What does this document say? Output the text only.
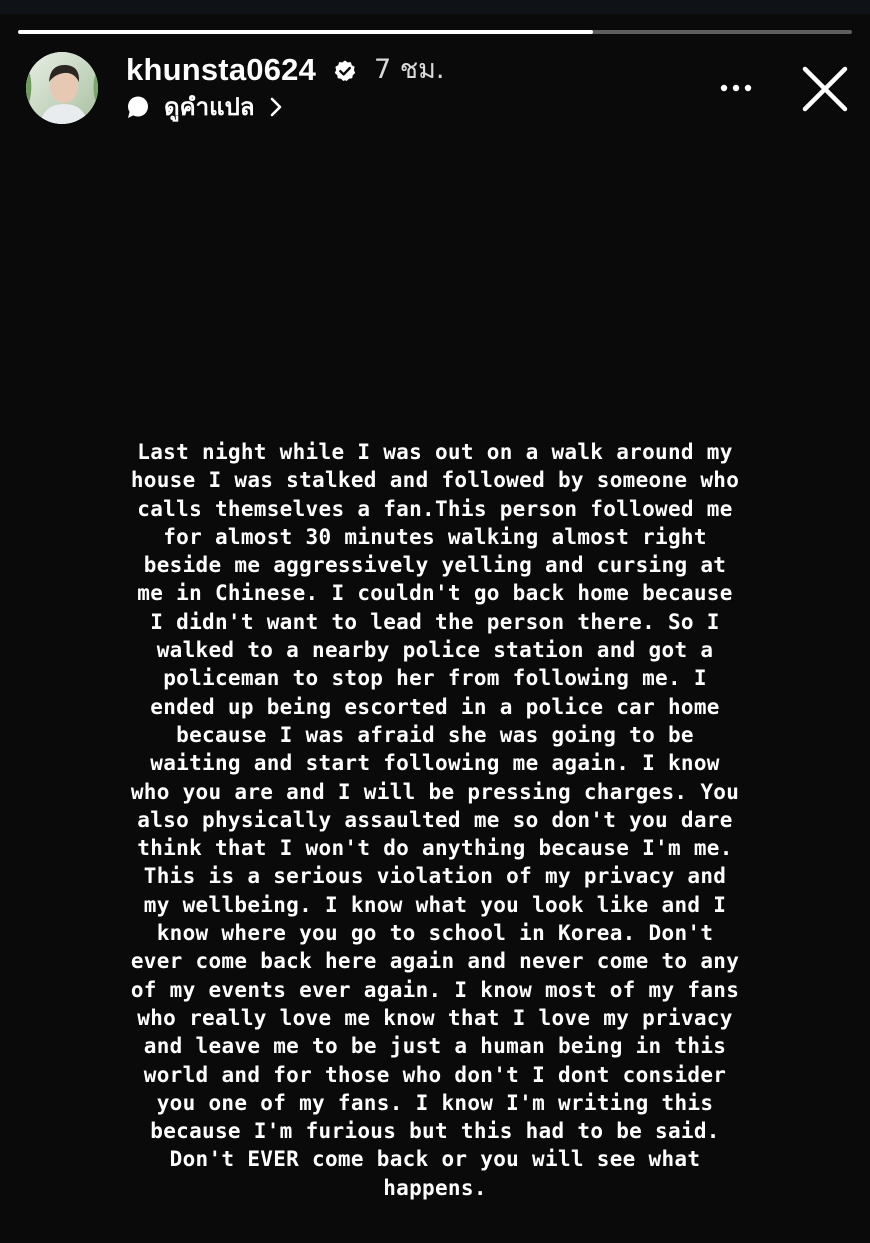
khunsta0624 7 ชม.
ดูคำแปล
Last night while I was out on a walk around my
house I was stalked and followed by someone who
calls themselves a fan.This person followed me
for almost 30 minutes walking almost right
beside me aggressively yelling and cursing at
me in Chinese. I couldn't go back home because
I didn't want to lead the person there. So I
walked to a nearby police station and got a
policeman to stop her from following me. I
ended up being escorted in a police car home
because I was afraid she was going to be
waiting and start following me again. I know
who you are and I will be pressing charges. You
also physically assaulted me so don't you dare
think that I won't do anything because I'm me.
This is a serious violation of my privacy and
my wellbeing. I know what you look like and I
know where you go to school in Korea. Don't
ever come back here again and never come to any
of my events ever again. I know most of my fans
who really love me know that I love my privacy
and leave me to be just a human being in this
world and for those who don't I dont consider
you one of my fans. I know I'm writing this
because I'm furious but this had to be said.
Don't EVER come back or you will see what
happens.
